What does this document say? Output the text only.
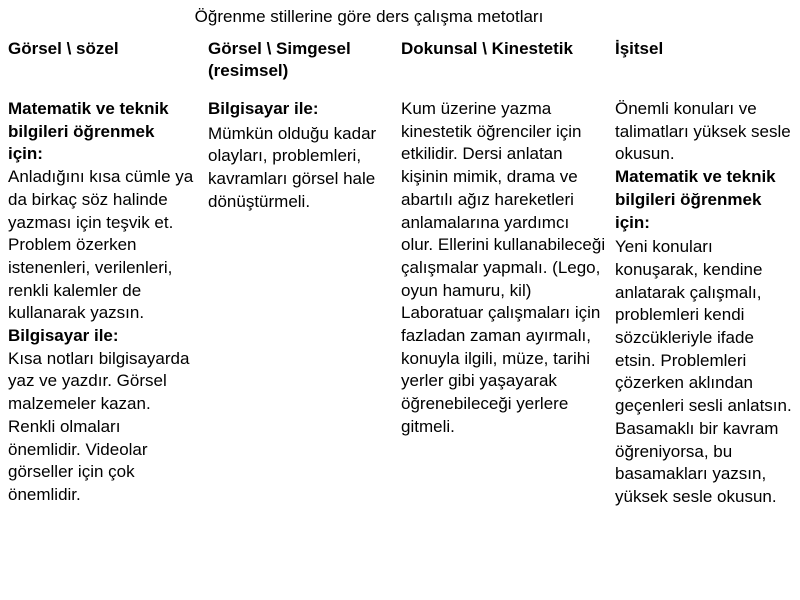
Öğrenme stillerine göre ders çalışma metotları
Görsel \ sözel

Matematik ve teknik bilgileri öğrenmek için:

Anladığını kısa cümle ya da birkaç söz halinde yazması için teşvik et. Problem özerken istenenleri, verilenleri, renkli kalemler de kullanarak yazsın.

Bilgisayar ile:

Kısa notları bilgisayarda yaz ve yazdır. Görsel malzemeler kazan. Renkli olmaları önemlidir. Videolar görseller için çok önemlidir.

Görsel \ Simgesel (resimsel)

Bilgisayar ile:

Mümkün olduğu kadar olayları, problemleri, kavramları görsel hale dönüştürmeli.

Dokunsal \ Kinestetik

Kum üzerine yazma kinestetik öğrenciler için etkilidir. Dersi anlatan kişinin mimik, drama ve abartılı ağız hareketleri anlamalarına yardımcı olur. Ellerini kullanabileceği çalışmalar yapmalı. (Lego, oyun hamuru, kil) Laboratuar çalışmaları için fazladan zaman ayırmalı, konuyla ilgili, müze, tarihi yerler gibi yaşayarak öğrenebileceği yerlere gitmeli.

İşitsel

Önemli konuları ve talimatları yüksek sesle okusun.

Matematik ve teknik bilgileri öğrenmek için:

Yeni konuları konuşarak, kendine anlatarak çalışmalı, problemleri kendi sözcükleriyle ifade etsin. Problemleri çözerken aklından geçenleri sesli anlatsın. Basamaklı bir kavram öğreniyorsa, bu basamakları yazsın, yüksek sesle okusun.
